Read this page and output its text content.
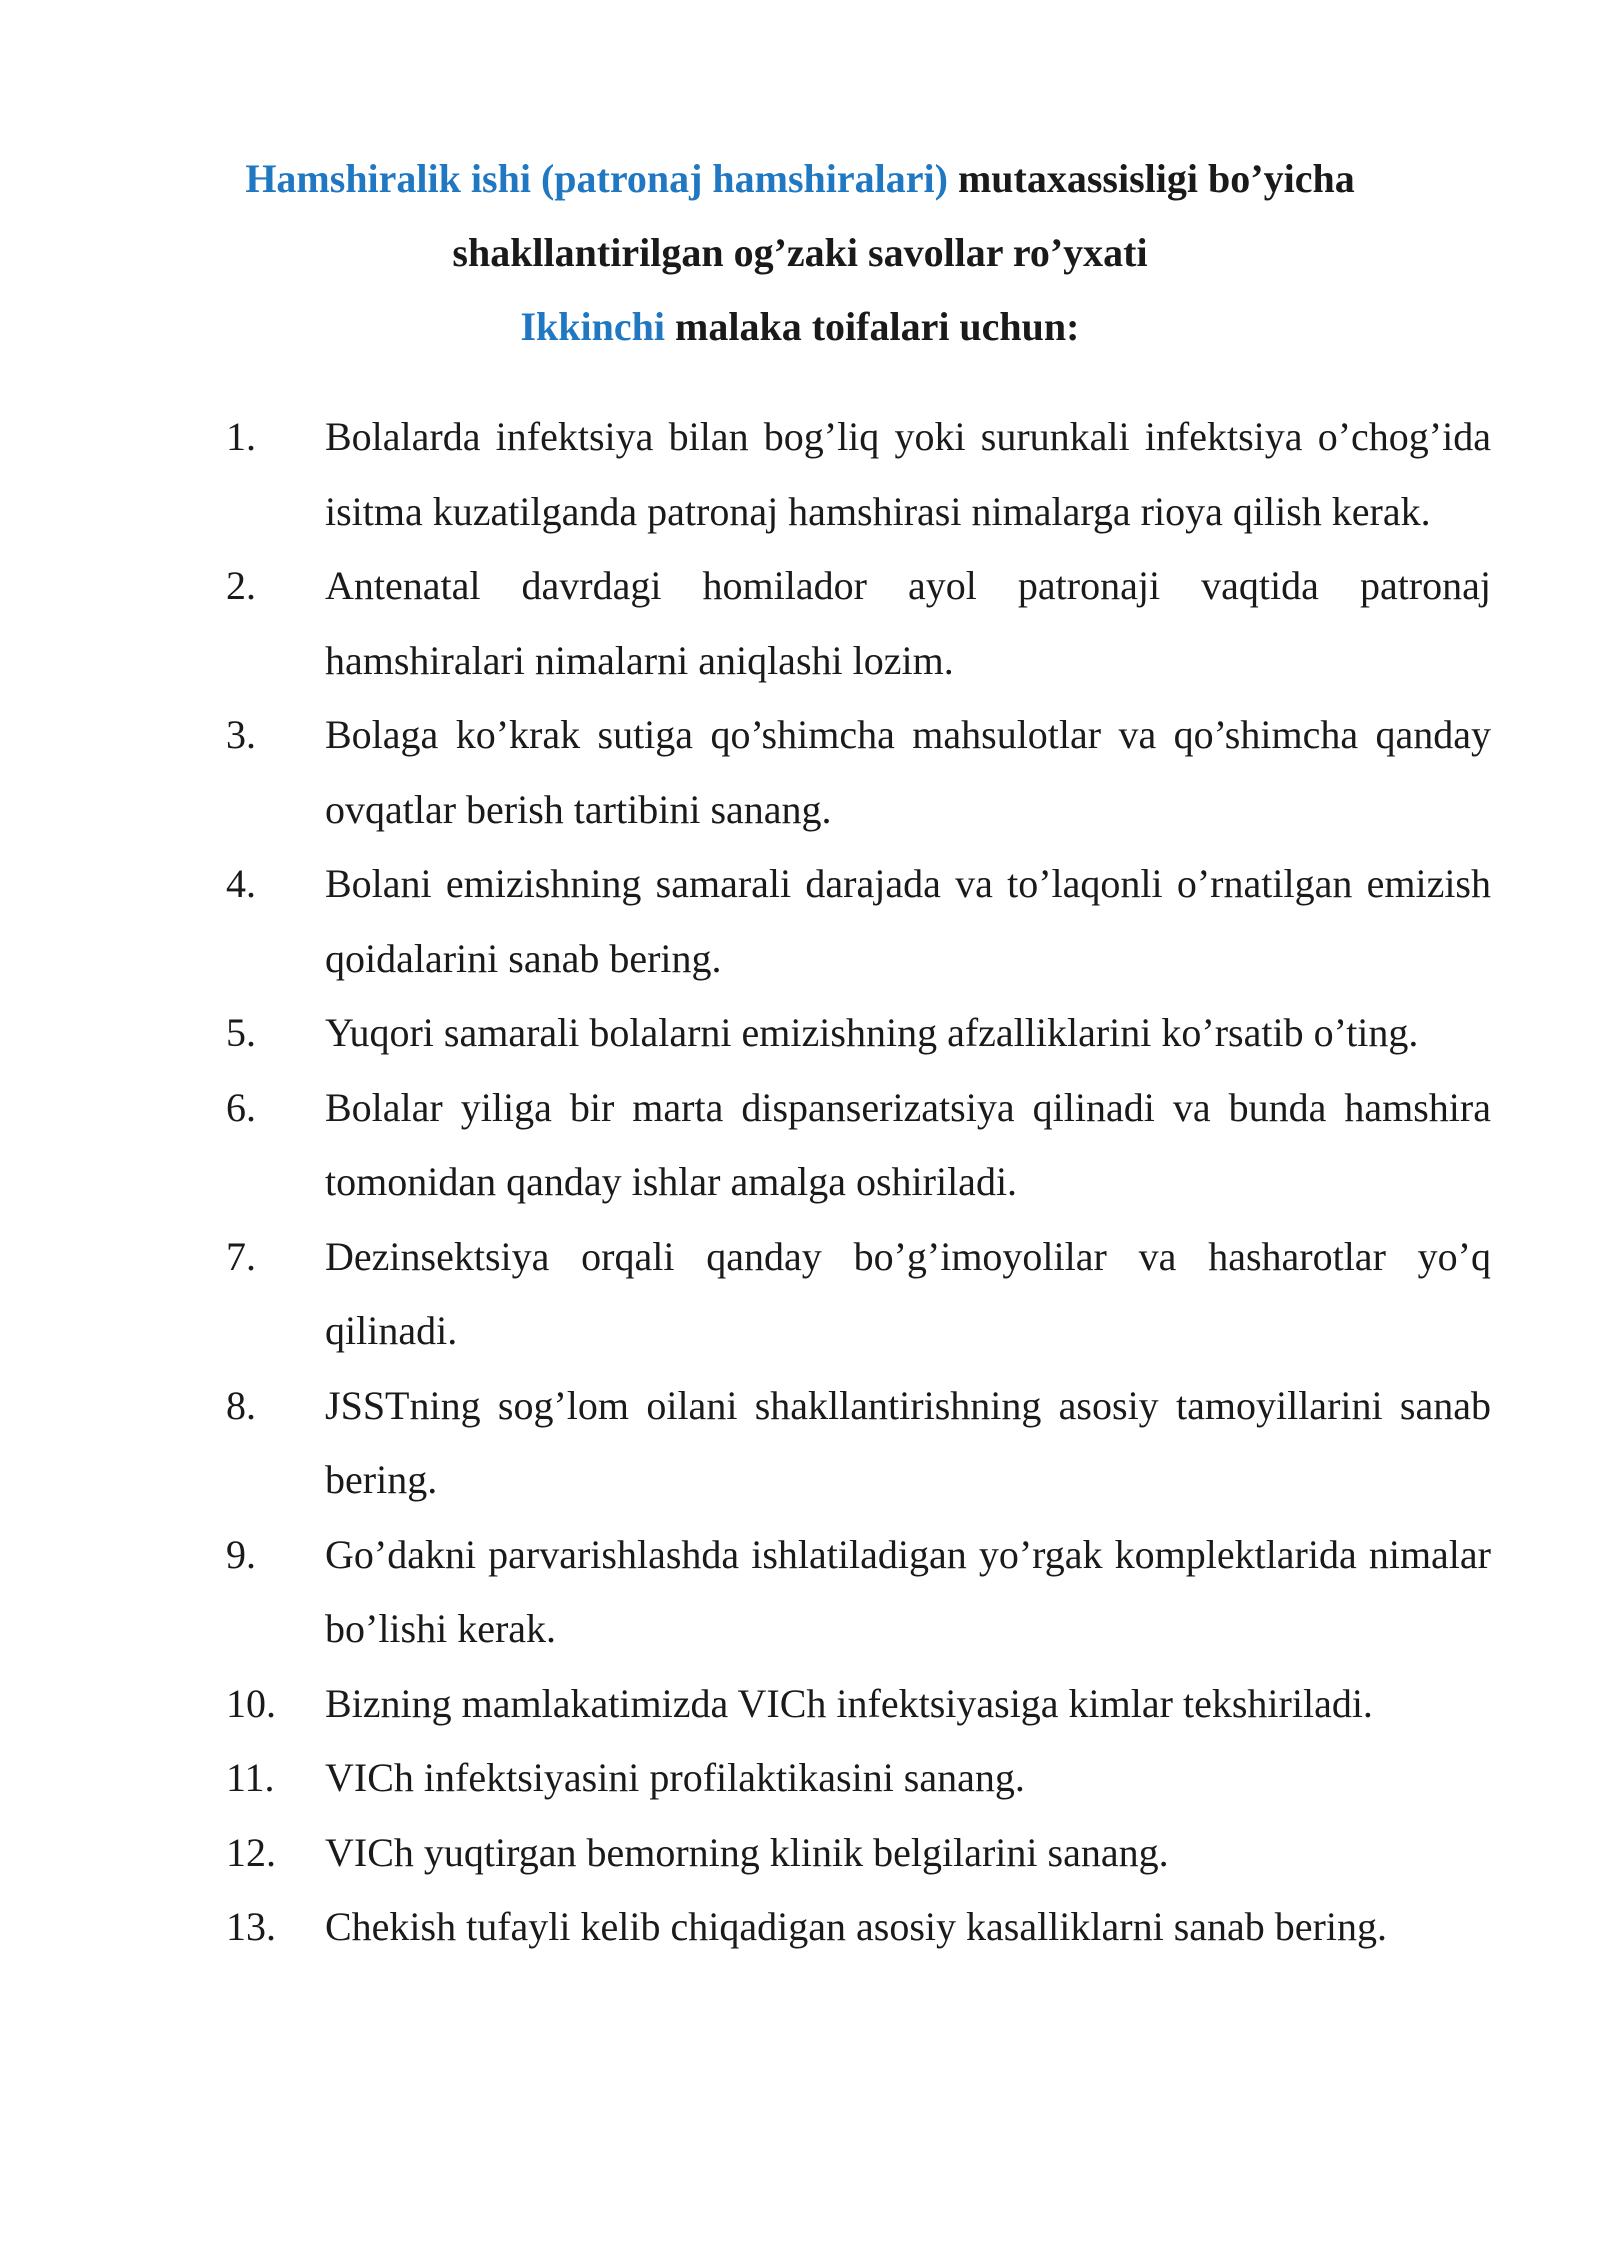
Hamshiralik ishi (patronaj hamshiralari) mutaxassisligi bo’yicha
shakllantirilgan og’zaki savollar ro’yxati
Ikkinchi malaka toifalari uchun:
1. Bolalarda infektsiya bilan bog’liq yoki surunkali infektsiya o’chog’ida isitma kuzatilganda patronaj hamshirasi nimalarga rioya qilish kerak.
2. Antenatal davrdagi homilador ayol patronaji vaqtida patronaj hamshiralari nimalarni aniqlashi lozim.
3. Bolaga ko’krak sutiga qo’shimcha mahsulotlar va qo’shimcha qanday ovqatlar berish tartibini sanang.
4. Bolani emizishning samarali darajada va to’laqonli o’rnatilgan emizish qoidalarini sanab bering.
5. Yuqori samarali bolalarni emizishning afzalliklarini ko’rsatib o’ting.
6. Bolalar yiliga bir marta dispanserizatsiya qilinadi va bunda hamshira tomonidan qanday ishlar amalga oshiriladi.
7. Dezinsektsiya orqali qanday bo’g’imoyolilar va hasharotlar yo’q qilinadi.
8. JSSTning sog’lom oilani shakllantirishning asosiy tamoyillarini sanab bering.
9. Go’dakni parvarishlashda ishlatiladigan yo’rgak komplektlarida nimalar bo’lishi kerak.
10. Bizning mamlakatimizda VICh infektsiyasiga kimlar tekshiriladi.
11. VICh infektsiyasini profilaktikasini sanang.
12. VICh yuqtirgan bemorning klinik belgilarini sanang.
13. Chekish tufayli kelib chiqadigan asosiy kasalliklarni sanab bering.
